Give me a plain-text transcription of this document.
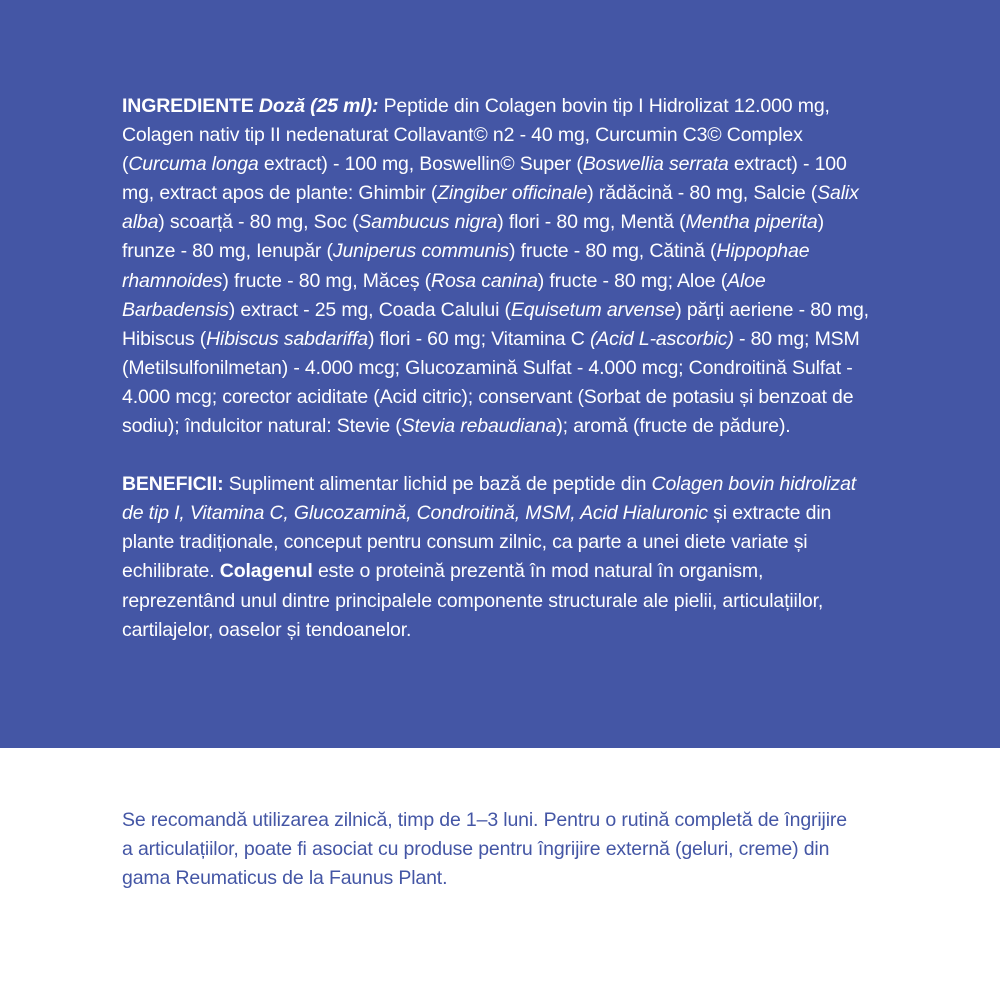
INGREDIENTE Doză (25 ml): Peptide din Colagen bovin tip I Hidrolizat 12.000 mg, Colagen nativ tip II nedenaturat Collavant© n2 - 40 mg, Curcumin C3© Complex (Curcuma longa extract) - 100 mg, Boswellin© Super (Boswellia serrata extract) - 100 mg, extract apos de plante: Ghimbir (Zingiber officinale) rădăcină - 80 mg, Salcie (Salix alba) scoarță - 80 mg, Soc (Sambucus nigra) flori - 80 mg, Mentă (Mentha piperita) frunze - 80 mg, Ienupăr (Juniperus communis) fructe - 80 mg, Cătină (Hippophae rhamnoides) fructe - 80 mg, Măceș (Rosa canina) fructe - 80 mg; Aloe (Aloe Barbadensis) extract - 25 mg, Coada Calului (Equisetum arvense) părți aeriene - 80 mg, Hibiscus (Hibiscus sabdariffa) flori - 60 mg; Vitamina C (Acid L-ascorbic) - 80 mg; MSM (Metilsulfonilmetan) - 4.000 mcg; Glucozamină Sulfat - 4.000 mcg; Condroitină Sulfat - 4.000 mcg; corector aciditate (Acid citric); conservant (Sorbat de potasiu și benzoat de sodiu); îndulcitor natural: Stevie (Stevia rebaudiana); aromă (fructe de pădure).

BENEFICII: Supliment alimentar lichid pe bază de peptide din Colagen bovin hidrolizat de tip I, Vitamina C, Glucozamină, Condroitină, MSM, Acid Hialuronic și extracte din plante tradiționale, conceput pentru consum zilnic, ca parte a unei diete variate și echilibrate. Colagenul este o proteină prezentă în mod natural în organism, reprezentând unul dintre principalele componente structurale ale pielii, articulațiilor, cartilajelor, oaselor și tendoanelor.

Se recomandă utilizarea zilnică, timp de 1–3 luni. Pentru o rutină completă de îngrijire a articulațiilor, poate fi asociat cu produse pentru îngrijire externă (geluri, creme) din gama Reumaticus de la Faunus Plant.
